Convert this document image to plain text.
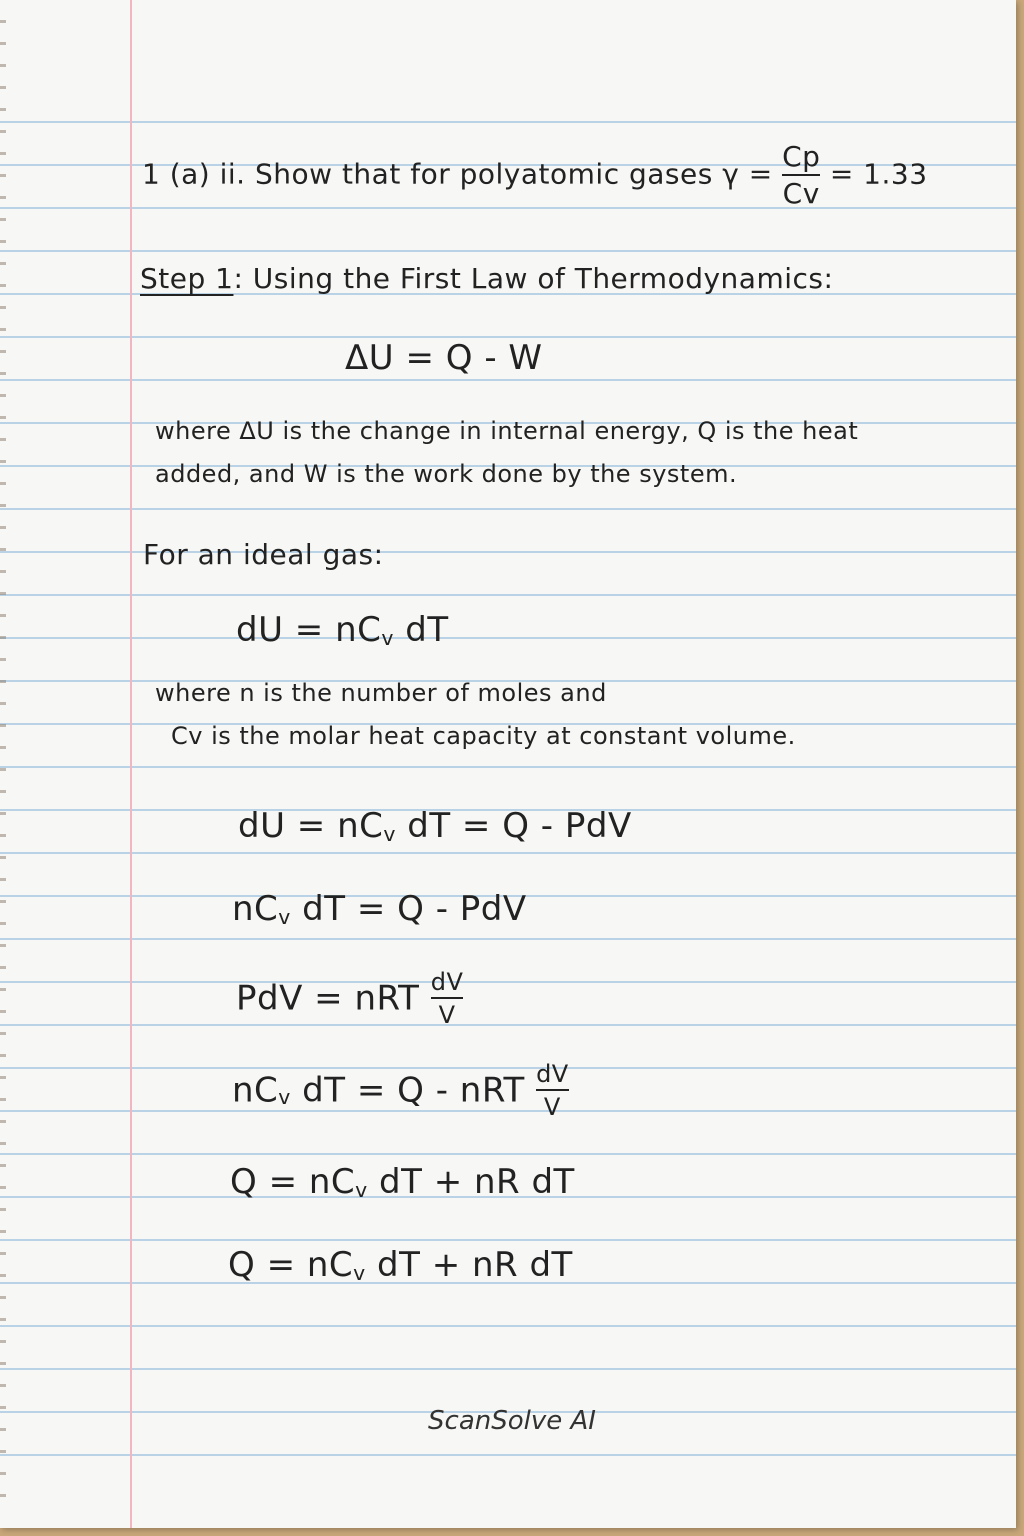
1 (a) ii. Show that for polyatomic gases $\gamma = \frac{Cp}{Cv} = 1.33$
Step 1: Using the First Law of Thermodynamics:
ΔU = Q - W
where ΔU is the change in internal energy, Q is the heat
added, and W is the work done by the system.
For an ideal gas:
dU = $nC_v$ dT
where n is the number of moles and
Cv is the molar heat capacity at constant volume.
dU = $nC_v$ dT = Q - PdV
$nC_v$ dT = Q - PdV
PdV = nRT $\frac{dV}{V}$
$nC_v$ dT = Q - nRT $\frac{dV}{V}$
$Q = nC_v$ dT + nR dT
$Q = nC_v$ dT + nR dT
ScanSolve AI
